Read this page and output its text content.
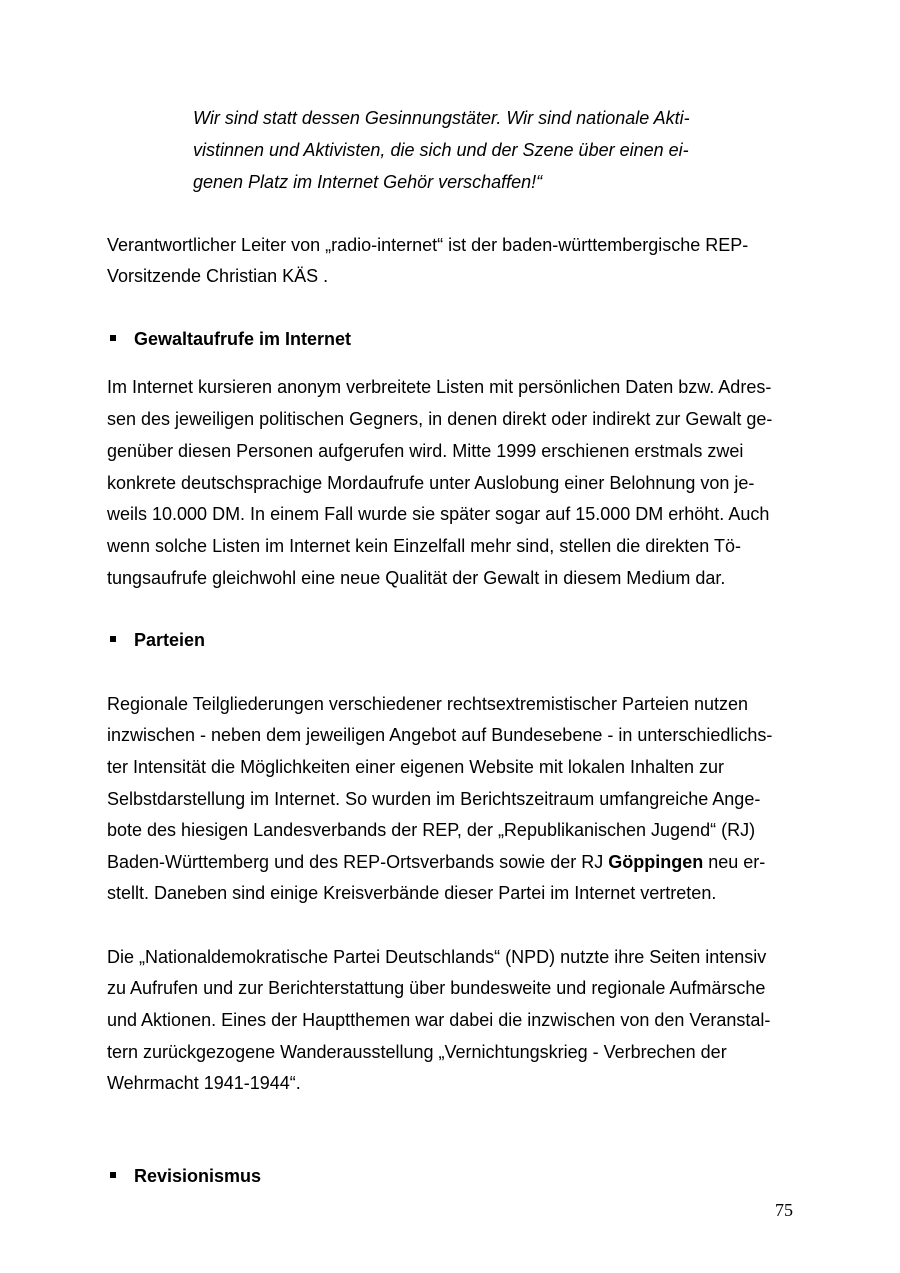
Wir sind statt dessen Gesinnungstäter. Wir sind nationale Akti-
vistinnen und Aktivisten, die sich und der Szene über einen ei-
genen Platz im Internet Gehör verschaffen!“
Verantwortlicher Leiter von „radio-internet“ ist der baden-württembergische REP-
Vorsitzende Christian KÄS .
Gewaltaufrufe im Internet
Im Internet kursieren anonym verbreitete Listen mit persönlichen Daten bzw. Adres-
sen des jeweiligen politischen Gegners, in denen direkt oder indirekt zur Gewalt ge-
genüber diesen Personen aufgerufen wird. Mitte 1999 erschienen erstmals zwei
konkrete deutschsprachige Mordaufrufe unter Auslobung einer Belohnung von je-
weils 10.000 DM. In einem Fall wurde sie später sogar auf 15.000 DM erhöht. Auch
wenn solche Listen im Internet kein Einzelfall mehr sind, stellen die direkten Tö-
tungsaufrufe gleichwohl eine neue Qualität der Gewalt in diesem Medium dar.
Parteien
Regionale Teilgliederungen verschiedener rechtsextremistischer Parteien nutzen
inzwischen - neben dem jeweiligen Angebot auf Bundesebene - in unterschiedlichs-
ter Intensität die Möglichkeiten einer eigenen Website mit lokalen Inhalten zur
Selbstdarstellung im Internet. So wurden im Berichtszeitraum umfangreiche Ange-
bote des hiesigen Landesverbands der REP, der „Republikanischen Jugend“ (RJ)
Baden-Württemberg und des REP-Ortsverbands sowie der RJ Göppingen neu er-
stellt. Daneben sind einige Kreisverbände dieser Partei im Internet vertreten.
Die „Nationaldemokratische Partei Deutschlands“ (NPD) nutzte ihre Seiten intensiv
zu Aufrufen und zur Berichterstattung über bundesweite und regionale Aufmärsche
und Aktionen. Eines der Hauptthemen war dabei die inzwischen von den Veranstal-
tern zurückgezogene Wanderausstellung „Vernichtungskrieg - Verbrechen der
Wehrmacht 1941-1944“.
Revisionismus
75
